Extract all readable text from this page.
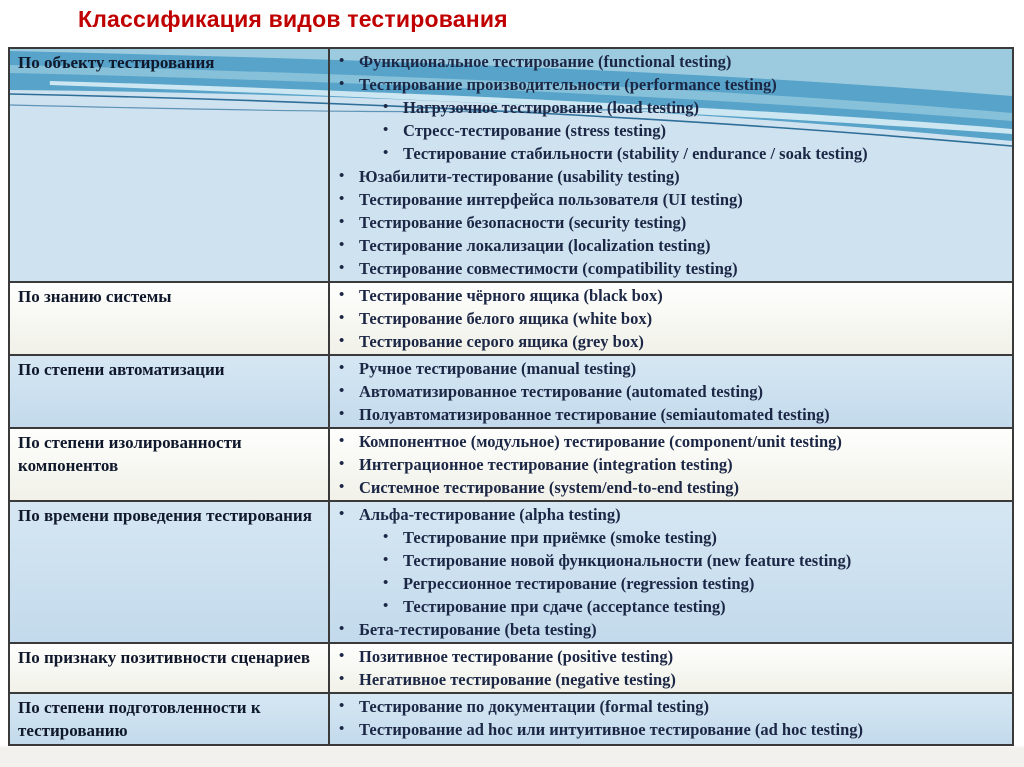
Классификация видов тестирования
По объекту тестирования	• Функциональное тестирование (functional testing)
• Тестирование производительности (performance testing)
• Нагрузочное тестирование (load testing)
• Стресс-тестирование (stress testing)
• Тестирование стабильности (stability / endurance / soak testing)
• Юзабилити-тестирование (usability testing)
• Тестирование интерфейса пользователя (UI testing)
• Тестирование безопасности (security testing)
• Тестирование локализации (localization testing)
• Тестирование совместимости (compatibility testing)
По знанию системы	• Тестирование чёрного ящика (black box)
• Тестирование белого ящика (white box)
• Тестирование серого ящика (grey box)
По степени автоматизации	• Ручное тестирование (manual testing)
• Автоматизированное тестирование (automated testing)
• Полуавтоматизированное тестирование (semiautomated testing)
По степени изолированности компонентов
• Компонентное (модульное) тестирование (component/unit testing)
• Интеграционное тестирование (integration testing)
• Системное тестирование (system/end-to-end testing)
По времени проведения тестирования	• Альфа-тестирование (alpha testing)
• Тестирование при приёмке (smoke testing)
• Тестирование новой функциональности (new feature testing)
• Регрессионное тестирование (regression testing)
• Тестирование при сдаче (acceptance testing)
• Бета-тестирование (beta testing)
По признаку позитивности сценариев	• Позитивное тестирование (positive testing)
• Негативное тестирование (negative testing)
По степени подготовленности к тестированию
• Тестирование по документации (formal testing)
• Тестирование ad hoc или интуитивное тестирование (ad hoc testing)
